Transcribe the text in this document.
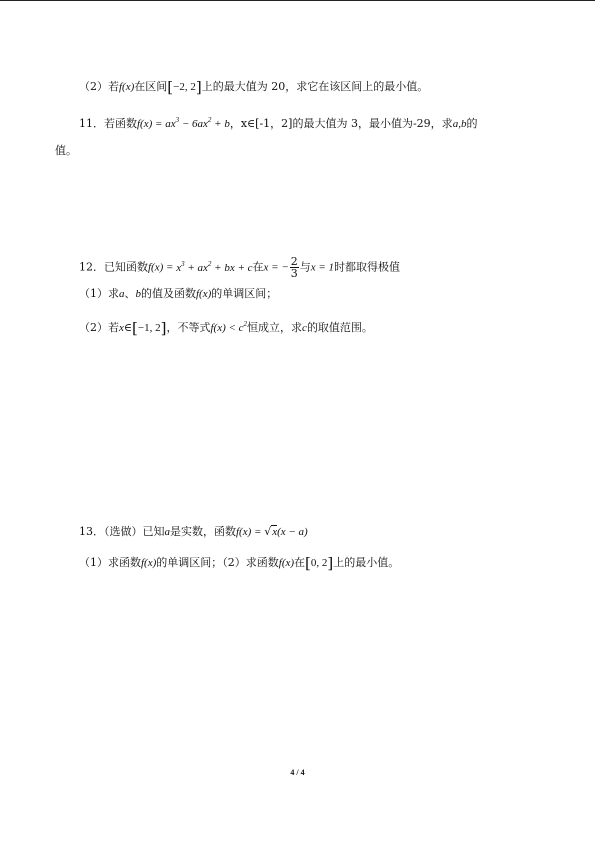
（2）若f(x)在区间[−2, 2]上的最大值为 20，求它在该区间上的最小值。
11．若函数$f(x) = ax^3 - 6ax^2 + b$，x∈[-1，2]的最大值为 3，最小值为-29，求a,b的
值。
12．已知函数$f(x) = x^3 + ax^2$ + bx + c在x = − $\frac{2}{3}$ 与x = 1时都取得极值
（1）求a、b的值及函数f(x)的单调区间；
（2）若x∈[−1, 2]，不等式$f(x) < c^2$恒成立，求c的取值范围。
13．（选做）已知a是实数，函数f(x) = √x(x − a)
（1）求函数f(x)的单调区间；（2）求函数f(x)在[0, 2]上的最小值。
4 / 4
